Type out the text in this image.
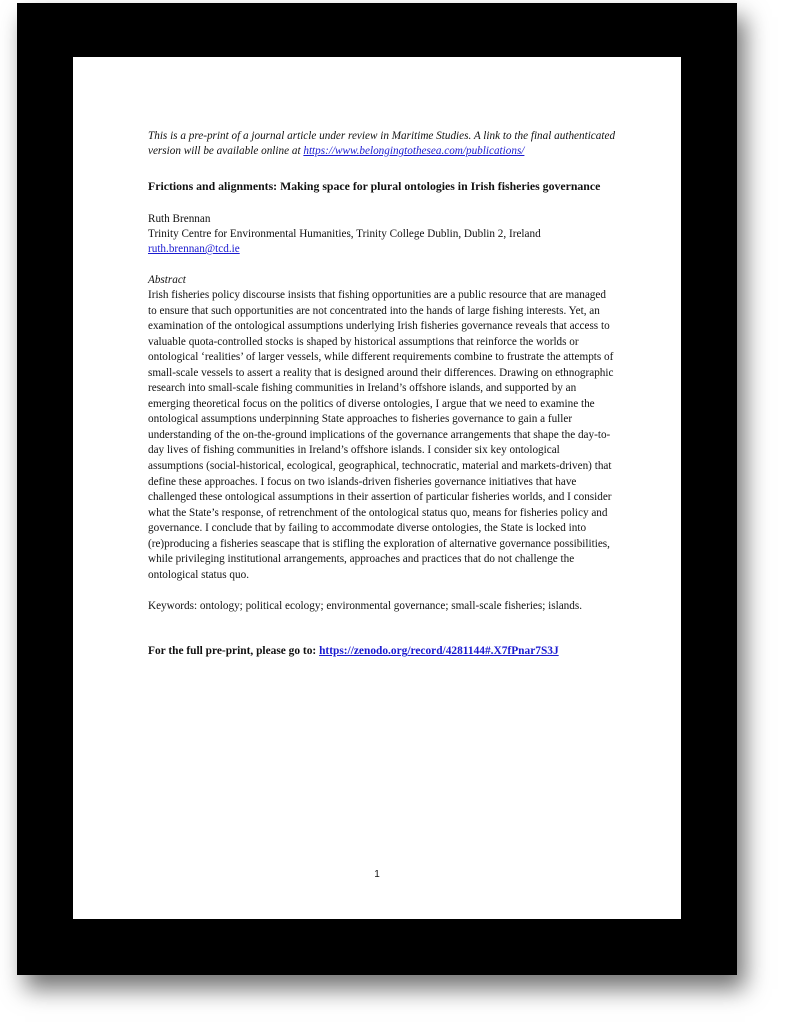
This is a pre-print of a journal article under review in Maritime Studies. A link to the final authenticated version will be available online at https://www.belongingtothesea.com/publications/

Frictions and alignments: Making space for plural ontologies in Irish fisheries governance

Ruth Brennan
Trinity Centre for Environmental Humanities, Trinity College Dublin, Dublin 2, Ireland
ruth.brennan@tcd.ie
Abstract

Irish fisheries policy discourse insists that fishing opportunities are a public resource that are managed to ensure that such opportunities are not concentrated into the hands of large fishing interests. Yet, an examination of the ontological assumptions underlying Irish fisheries governance reveals that access to valuable quota-controlled stocks is shaped by historical assumptions that reinforce the worlds or ontological ‘realities’ of larger vessels, while different requirements combine to frustrate the attempts of small-scale vessels to assert a reality that is designed around their differences. Drawing on ethnographic research into small-scale fishing communities in Ireland’s offshore islands, and supported by an emerging theoretical focus on the politics of diverse ontologies, I argue that we need to examine the ontological assumptions underpinning State approaches to fisheries governance to gain a fuller understanding of the on-the-ground implications of the governance arrangements that shape the day-to-day lives of fishing communities in Ireland’s offshore islands. I consider six key ontological assumptions (social-historical, ecological, geographical, technocratic, material and markets-driven) that define these approaches. I focus on two islands-driven fisheries governance initiatives that have challenged these ontological assumptions in their assertion of particular fisheries worlds, and I consider what the State’s response, of retrenchment of the ontological status quo, means for fisheries policy and governance. I conclude that by failing to accommodate diverse ontologies, the State is locked into (re)producing a fisheries seascape that is stifling the exploration of alternative governance possibilities, while privileging institutional arrangements, approaches and practices that do not challenge the ontological status quo.

Keywords: ontology; political ecology; environmental governance; small-scale fisheries; islands.
For the full pre-print, please go to: https://zenodo.org/record/4281144#.X7fPnar7S3J
1
